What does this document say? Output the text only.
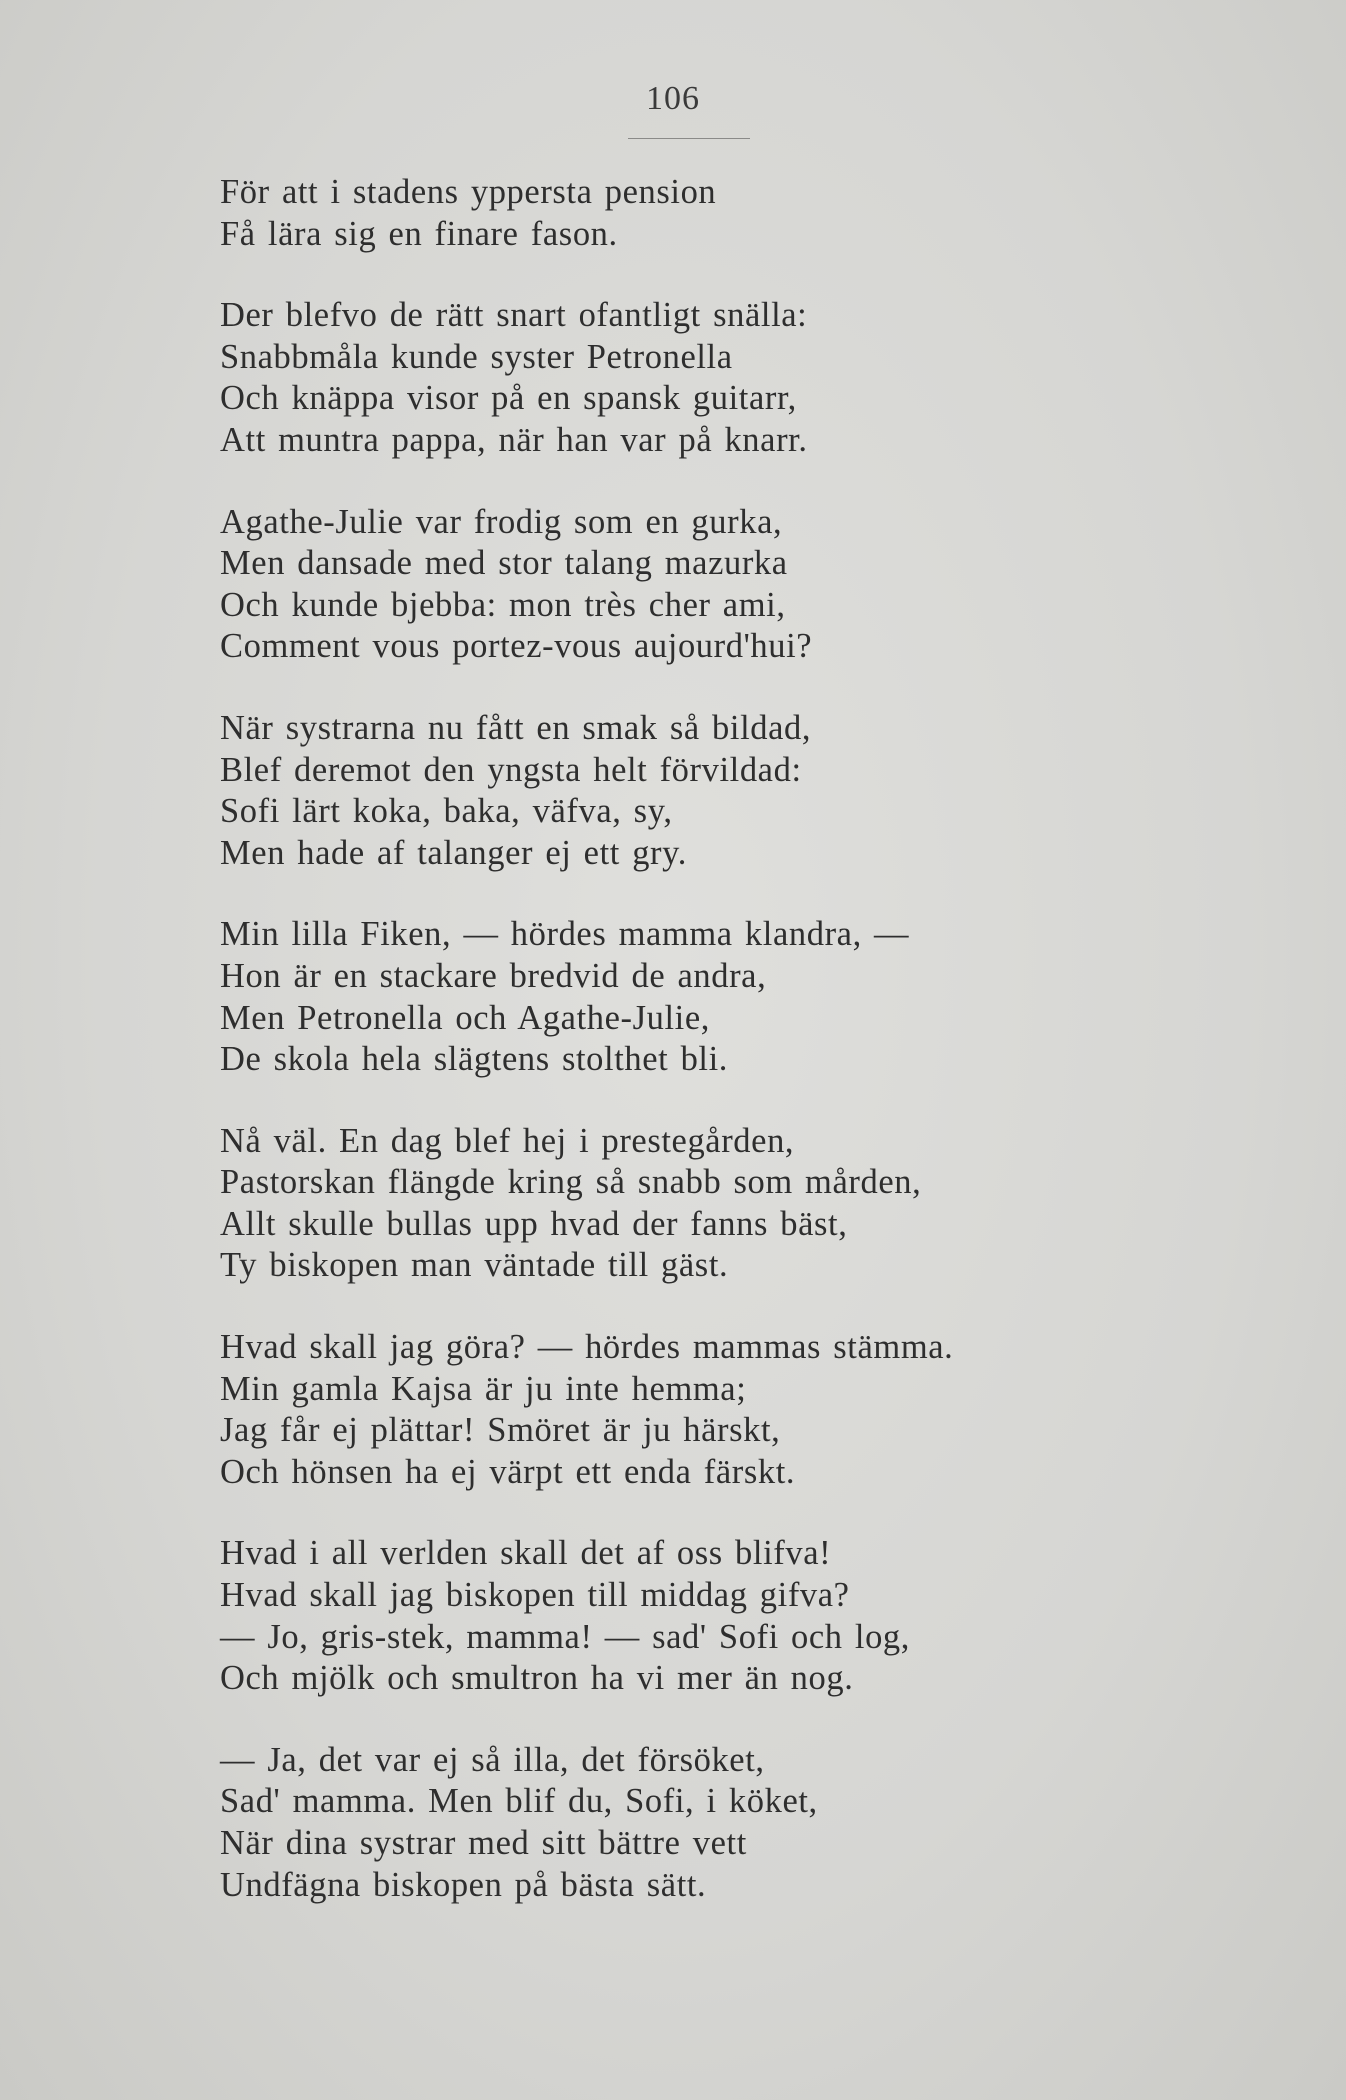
106
För att i stadens yppersta pension
Få lära sig en finare fason.
Der blefvo de rätt snart ofantligt snälla:
Snabbmåla kunde syster Petronella
Och knäppa visor på en spansk guitarr,
Att muntra pappa, när han var på knarr.
Agathe-Julie var frodig som en gurka,
Men dansade med stor talang mazurka
Och kunde bjebba: mon très cher ami,
Comment vous portez-vous aujourd'hui?
När systrarna nu fått en smak så bildad,
Blef deremot den yngsta helt förvildad:
Sofi lärt koka, baka, väfva, sy,
Men hade af talanger ej ett gry.
Min lilla Fiken, — hördes mamma klandra, —
Hon är en stackare bredvid de andra,
Men Petronella och Agathe-Julie,
De skola hela slägtens stolthet bli.
Nå väl. En dag blef hej i prestegården,
Pastorskan flängde kring så snabb som mården,
Allt skulle bullas upp hvad der fanns bäst,
Ty biskopen man väntade till gäst.
Hvad skall jag göra? — hördes mammas stämma.
Min gamla Kajsa är ju inte hemma;
Jag får ej plättar! Smöret är ju härskt,
Och hönsen ha ej värpt ett enda färskt.
Hvad i all verlden skall det af oss blifva!
Hvad skall jag biskopen till middag gifva?
— Jo, gris-stek, mamma! — sad' Sofi och log,
Och mjölk och smultron ha vi mer än nog.
— Ja, det var ej så illa, det försöket,
Sad' mamma. Men blif du, Sofi, i köket,
När dina systrar med sitt bättre vett
Undfägna biskopen på bästa sätt.
